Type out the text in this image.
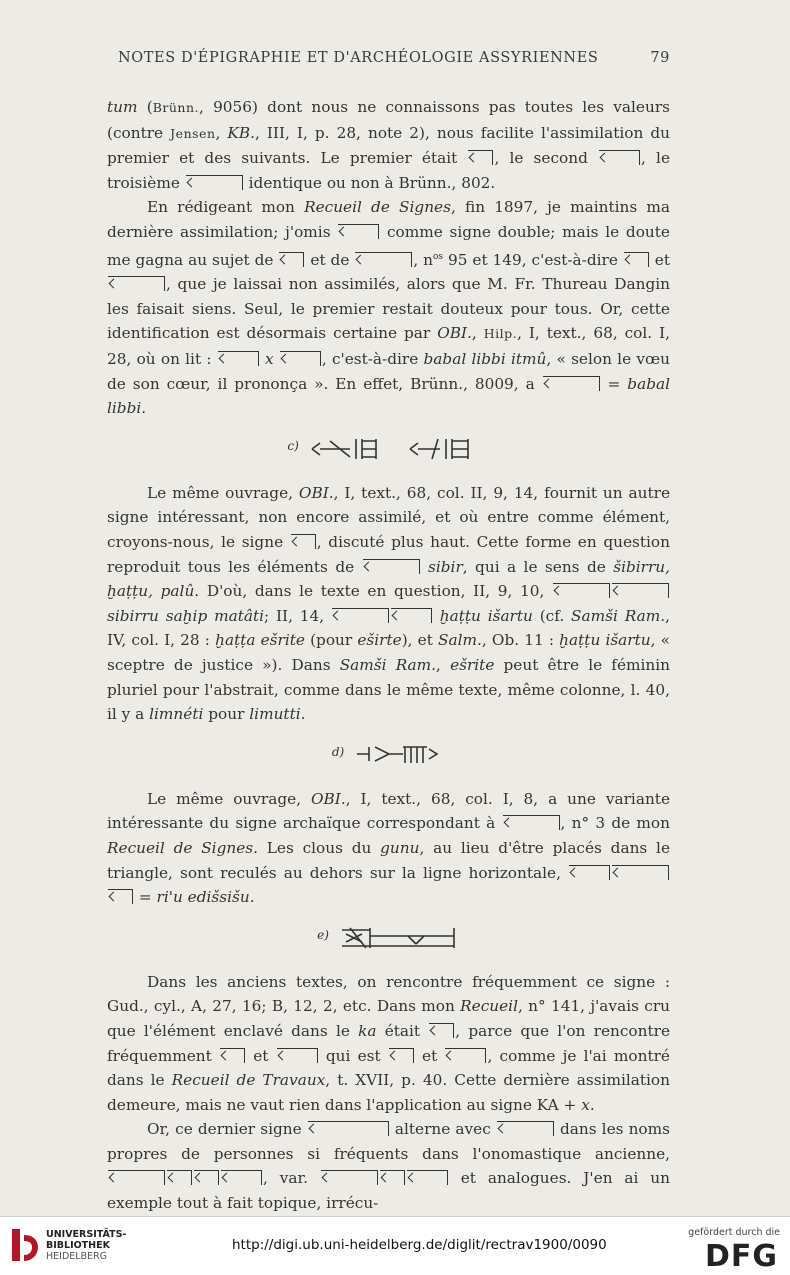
NOTES D'ÉPIGRAPHIE ET D'ARCHÉOLOGIE ASSYRIENNES	79

tum (Brünn., 9056) dont nous ne connaissons pas toutes les valeurs (contre Jensen, KB., III, I, p. 28, note 2), nous facilite l'assimilation du premier et des suivants. Le premier était , le second	, le troisième	identique ou non à Brünn., 802.

En rédigeant mon Recueil de Signes, fin 1897, je maintins ma dernière assimilation; j'omis	comme signe double; mais le doute me gagna au sujet de  et de	, $n^{os}$ 95 et 149, c'est-à-dire  et , que je laissai non assimilés, alors que M. Fr. Thureau Dangin les faisait siens. Seul, le premier restait douteux pour tous. Or, cette identification est désormais certaine par OBI., Hilp., I, text., 68, col. I, 28, où on lit :	x	, c'est-à-dire babal libbi itmû, « selon le vœu de son cœur, il prononça ». En effet, Brünn., 8009, a	= babal libbi.

c)

Le même ouvrage, OBI., I, text., 68, col. II, 9, 14, fournit un autre signe intéressant, non encore assimilé, et où entre comme élément, croyons-nous, le signe , discuté plus haut. Cette forme en question reproduit tous les éléments de	sibir, qui a le sens de šibirru, ḫaṭṭu, palû. D'où, dans le texte en question, II, 9, 10,  sibirru saḫip matâti; II, 14,	ḫaṭṭu išartu (cf. Samši Ram., IV, col. I, 28 : ḫaṭṭa ešrite (pour eširte), et Salm., Ob. 11 : ḫaṭṭu išartu, « sceptre de justice »). Dans Samši Ram., ešrite peut être le féminin pluriel pour l'abstrait, comme dans le même texte, même colonne, l. 40, il y a limnéti pour limutti.

d)

Le même ouvrage, OBI., I, text., 68, col. I, 8, a une variante intéressante du signe archaïque correspondant à	, n° 3 de mon Recueil de Signes. Les clous du gunu, au lieu d'être placés dans le triangle, sont reculés au dehors sur la ligne horizontale,  = ri'u edišsišu.

e)

Dans les anciens textes, on rencontre fréquemment ce signe : Gud., cyl., A, 27, 16; B, 12, 2, etc. Dans mon Recueil, n° 141, j'avais cru que l'élément enclavé dans le ka était , parce que l'on rencontre fréquemment  et	qui est  et	, comme je l'ai montré dans le Recueil de Travaux, t. XVII, p. 40. Cette dernière assimilation demeure, mais ne vaut rien dans l'application au signe KA + x.

Or, ce dernier signe	alterne avec	dans les noms propres de personnes si fréquents dans l'onomastique ancienne, , var.	et analogues. J'en ai un exemple tout à fait topique, irrécu-

UNIVERSITÄTS-
BIBLIOTHEK
HEIDELBERG
http://digi.ub.uni-heidelberg.de/diglit/rectrav1900/0090
gefördert durch die
DFG
